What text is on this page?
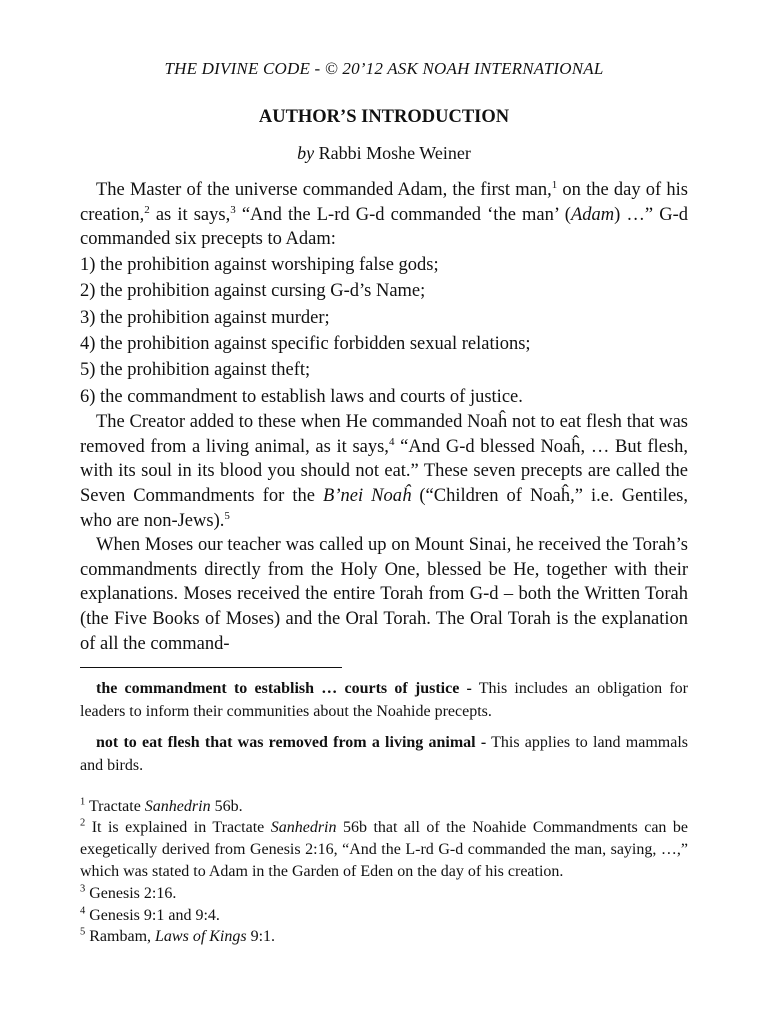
THE DIVINE CODE - © 20’12 ASK NOAH INTERNATIONAL
AUTHOR’S INTRODUCTION
by Rabbi Moshe Weiner

The Master of the universe commanded Adam, the first man,$^1$ on the day of his creation,$^2$ as it says,$^3$ “And the L-rd G-d commanded ‘the man’ (Adam) …” G-d commanded six precepts to Adam:

1) the prohibition against worshiping false gods;
2) the prohibition against cursing G-d’s Name;
3) the prohibition against murder;
4) the prohibition against specific forbidden sexual relations;
5) the prohibition against theft;
6) the commandment to establish laws and courts of justice.

The Creator added to these when He commanded Noaĥ not to eat flesh that was removed from a living animal, as it says,$^4$ “And G-d blessed Noaĥ, … But flesh, with its soul in its blood you should not eat.” These seven precepts are called the Seven Commandments for the B’nei Noaĥ (“Children of Noaĥ,” i.e. Gentiles, who are non-Jews).$^5$

When Moses our teacher was called up on Mount Sinai, he received the Torah’s commandments directly from the Holy One, blessed be He, together with their explanations. Moses received the entire Torah from G-d – both the Written Torah (the Five Books of Moses) and the Oral Torah. The Oral Torah is the explanation of all the command-

the commandment to establish … courts of justice - This includes an obligation for leaders to inform their communities about the Noahide precepts.

not to eat flesh that was removed from a living animal - This applies to land mammals and birds.

$^1$ Tractate Sanhedrin 56b.

$^2$ It is explained in Tractate Sanhedrin 56b that all of the Noahide Commandments can be exegetically derived from Genesis 2:16, “And the L-rd G-d commanded the man, saying, …,” which was stated to Adam in the Garden of Eden on the day of his creation.

$^3$ Genesis 2:16.

$^4$ Genesis 9:1 and 9:4.

$^5$ Rambam, Laws of Kings 9:1.
